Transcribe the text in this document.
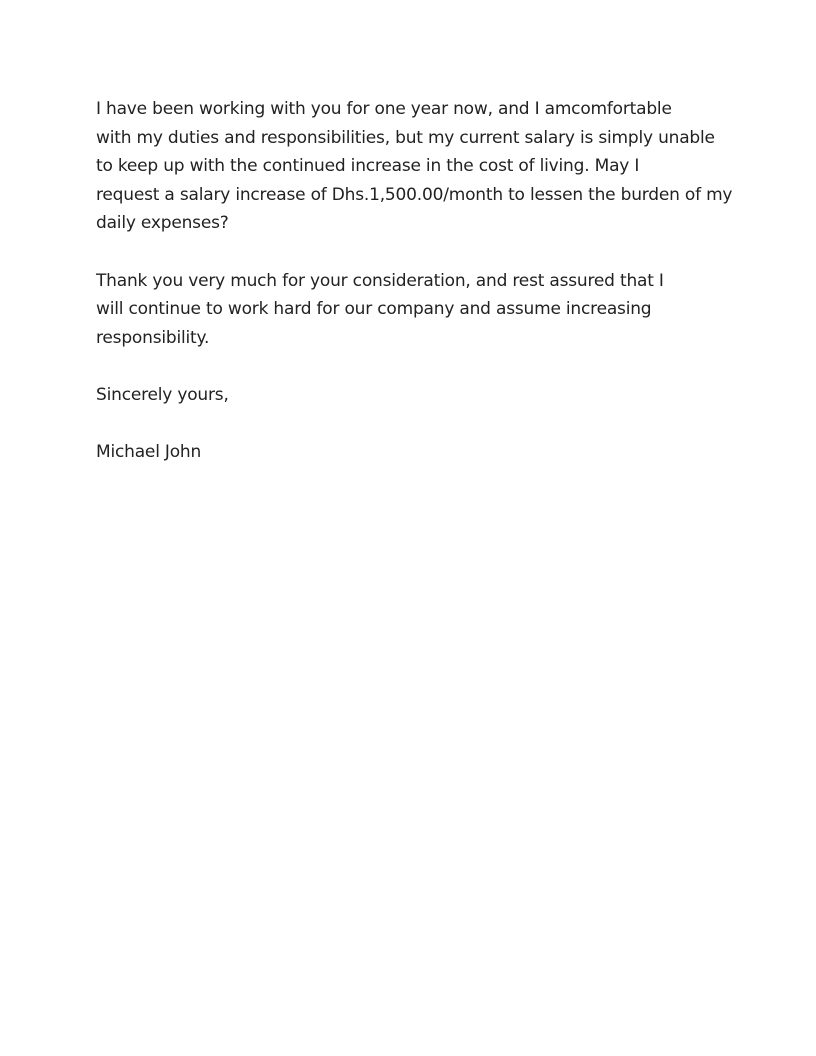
I have been working with you for one year now, and I amcomfortable
with my duties and responsibilities, but my current salary is simply unable
to keep up with the continued increase in the cost of living. May I
request a salary increase of Dhs.1,500.00/month to lessen the burden of my
daily expenses?

Thank you very much for your consideration, and rest assured that I
will continue to work hard for our company and assume increasing
responsibility.

Sincerely yours,

Michael John
